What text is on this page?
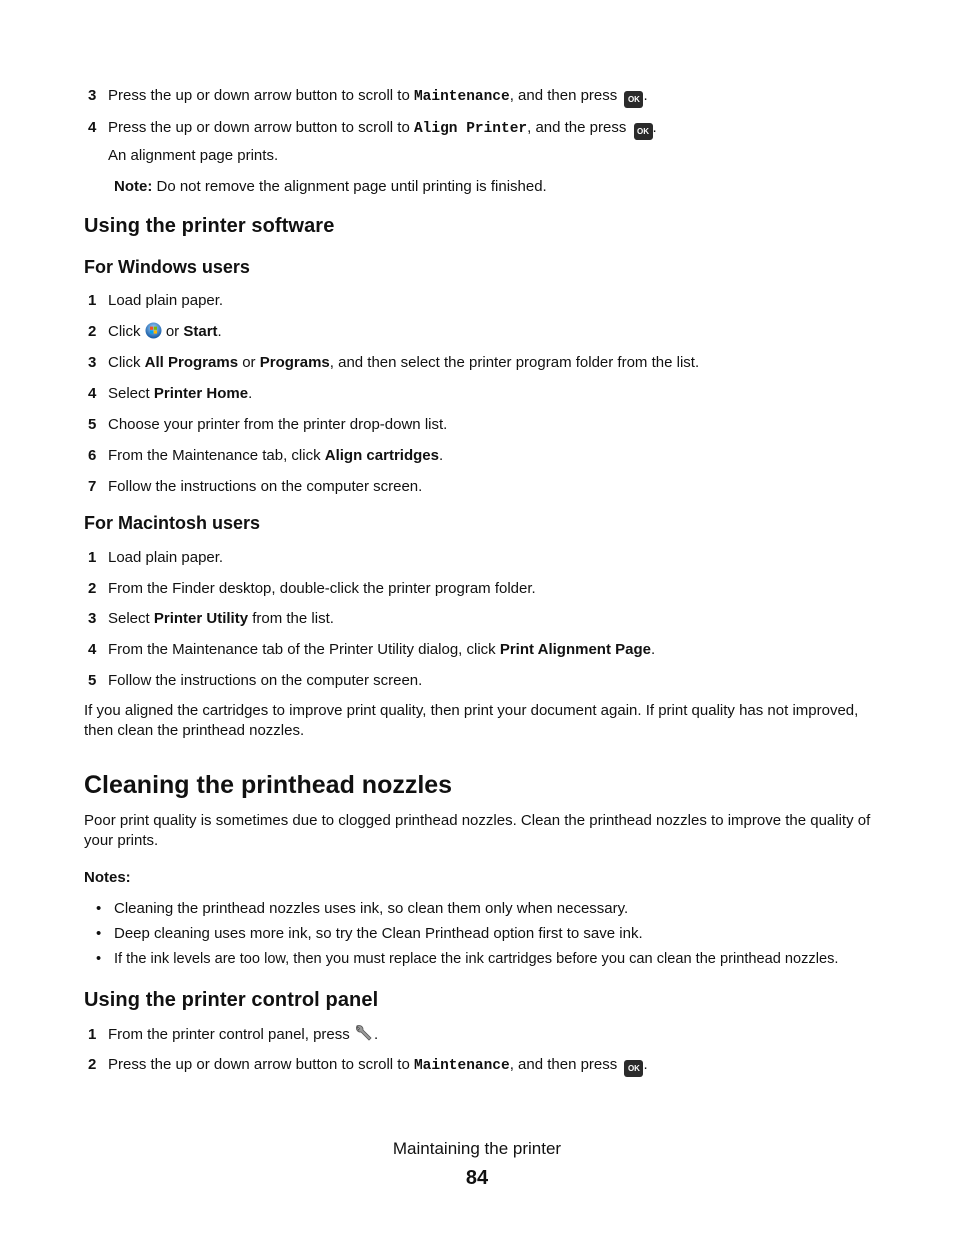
3 Press the up or down arrow button to scroll to Maintenance, and then press OK .
4 Press the up or down arrow button to scroll to Align Printer, and the press OK .
An alignment page prints.
Note: Do not remove the alignment page until printing is finished.
Using the printer software
For Windows users
1 Load plain paper.
2 Click  or Start.
3 Click All Programs or Programs, and then select the printer program folder from the list.
4 Select Printer Home.
5 Choose your printer from the printer drop-down list.
6 From the Maintenance tab, click Align cartridges.
7 Follow the instructions on the computer screen.
For Macintosh users
1 Load plain paper.
2 From the Finder desktop, double-click the printer program folder.
3 Select Printer Utility from the list.
4 From the Maintenance tab of the Printer Utility dialog, click Print Alignment Page.
5 Follow the instructions on the computer screen.
If you aligned the cartridges to improve print quality, then print your document again. If print quality has not improved, then clean the printhead nozzles.
Cleaning the printhead nozzles
Poor print quality is sometimes due to clogged printhead nozzles. Clean the printhead nozzles to improve the quality of your prints.
Notes:
• Cleaning the printhead nozzles uses ink, so clean them only when necessary.
• Deep cleaning uses more ink, so try the Clean Printhead option first to save ink.
• If the ink levels are too low, then you must replace the ink cartridges before you can clean the printhead nozzles.
Using the printer control panel
1 From the printer control panel, press .
2 Press the up or down arrow button to scroll to Maintenance, and then press OK .
Maintaining the printer
84
